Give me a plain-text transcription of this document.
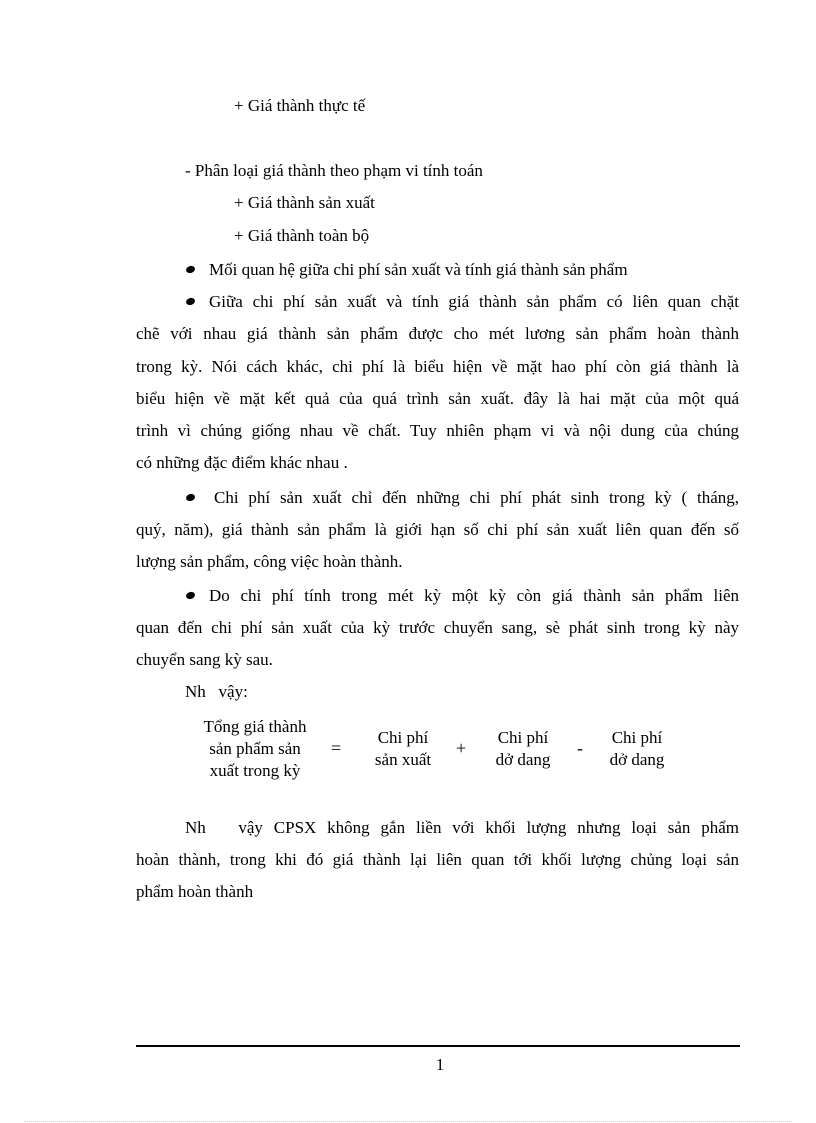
+ Giá thành thực tế
- Phân loại giá thành theo phạm vi tính toán
+ Giá thành sản xuất
+ Giá thành toàn bộ
Mối quan hệ giữa chi phí sản xuất và tính giá thành sản phẩm
Giữa chi phí sản xuất và tính giá thành sản phẩm có liên quan chặt
chẽ với nhau giá thành sản phẩm được cho mét lương sản phẩm hoàn thành
trong kỳ. Nói cách khác, chi phí là biểu hiện về mặt hao phí còn giá thành là
biểu hiện về mặt kết quả của quá trình sản xuất. đây là hai mặt của một quá
trình vì chúng giống nhau về chất. Tuy nhiên phạm vi và nội dung của chúng
có những đặc điểm khác nhau .
Chi phí sản xuất chỉ đến những chi phí phát sinh trong kỳ ( tháng,
quý, năm), giá thành sản phẩm là giới hạn số chi phí sản xuất liên quan đến số
lượng sản phẩm, công việc hoàn thành.
Do chi phí tính trong mét kỳ một kỳ còn giá thành sản phẩm liên
quan đến chi phí sản xuất của kỳ trước chuyển sang, sè phát sinh trong kỳ này
chuyển sang kỳ sau.
Nh   vậy:
Tổng giá thành
sản phẩm sản
xuất trong kỳ
=
Chi phí
sản xuất
+
Chi phí
dở dang
-
Chi phí
dở dang
Nh   vậy CPSX không gắn liền với khối lượng nhưng loại sản phẩm
hoàn thành, trong khi đó giá thành lại liên quan tới khối lượng chủng loại sản
phẩm hoàn thành
1
